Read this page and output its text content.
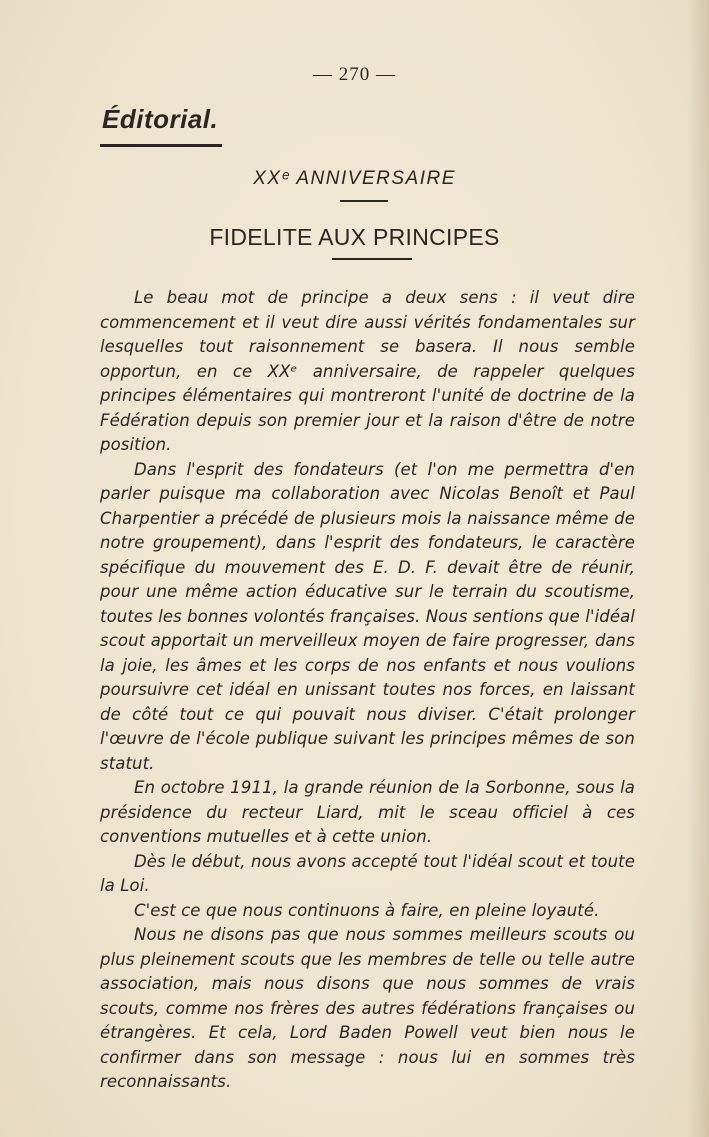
— 270 —
Éditorial.
XXᵉ ANNIVERSAIRE
FIDELITE AUX PRINCIPES

Le beau mot de principe a deux sens : il veut dire commencement et il veut dire aussi vérités fondamentales sur lesquelles tout raisonnement se basera. Il nous semble opportun, en ce XXᵉ anniversaire, de rappeler quelques principes élémentaires qui montreront l'unité de doctrine de la Fédération depuis son premier jour et la raison d'être de notre position.

Dans l'esprit des fondateurs (et l'on me permettra d'en parler puisque ma collaboration avec Nicolas Benoît et Paul Charpentier a précédé de plusieurs mois la naissance même de notre groupement), dans l'esprit des fondateurs, le caractère spécifique du mouvement des E. D. F. devait être de réunir, pour une même action éducative sur le terrain du scoutisme, toutes les bonnes volontés françaises. Nous sentions que l'idéal scout apportait un merveilleux moyen de faire progresser, dans la joie, les âmes et les corps de nos enfants et nous voulions poursuivre cet idéal en unissant toutes nos forces, en laissant de côté tout ce qui pouvait nous diviser. C'était prolonger l'œuvre de l'école publique suivant les principes mêmes de son statut.

En octobre 1911, la grande réunion de la Sorbonne, sous la présidence du recteur Liard, mit le sceau officiel à ces conventions mutuelles et à cette union.

Dès le début, nous avons accepté tout l'idéal scout et toute la Loi.

C'est ce que nous continuons à faire, en pleine loyauté.

Nous ne disons pas que nous sommes meilleurs scouts ou plus pleinement scouts que les membres de telle ou telle autre association, mais nous disons que nous sommes de vrais scouts, comme nos frères des autres fédérations françaises ou étrangères. Et cela, Lord Baden Powell veut bien nous le confirmer dans son message : nous lui en sommes très reconnaissants.
